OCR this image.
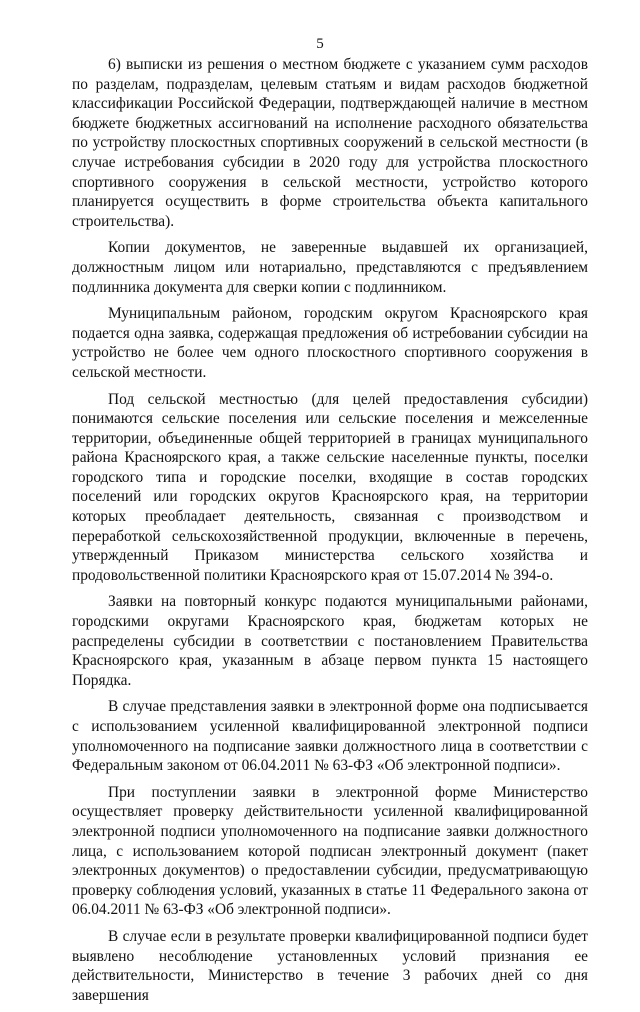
5

6) выписки из решения о местном бюджете с указанием сумм расходов по разделам, подразделам, целевым статьям и видам расходов бюджетной классификации Российской Федерации, подтверждающей наличие в местном бюджете бюджетных ассигнований на исполнение расходного обязательства по устройству плоскостных спортивных сооружений в сельской местности (в случае истребования субсидии в 2020 году для устройства плоскостного спортивного сооружения в сельской местности, устройство которого планируется осуществить в форме строительства объекта капитального строительства).

Копии документов, не заверенные выдавшей их организацией, должностным лицом или нотариально, представляются с предъявлением подлинника документа для сверки копии с подлинником.

Муниципальным районом, городским округом Красноярского края подается одна заявка, содержащая предложения об истребовании субсидии на устройство не более чем одного плоскостного спортивного сооружения в сельской местности.

Под сельской местностью (для целей предоставления субсидии) понимаются сельские поселения или сельские поселения и межселенные территории, объединенные общей территорией в границах муниципального района Красноярского края, а также сельские населенные пункты, поселки городского типа и городские поселки, входящие в состав городских поселений или городских округов Красноярского края, на территории которых преобладает деятельность, связанная с производством и переработкой сельскохозяйственной продукции, включенные в перечень, утвержденный Приказом министерства сельского хозяйства и продовольственной политики Красноярского края от 15.07.2014 № 394-о.

Заявки на повторный конкурс подаются муниципальными районами, городскими округами Красноярского края, бюджетам которых не распределены субсидии в соответствии с постановлением Правительства Красноярского края, указанным в абзаце первом пункта 15 настоящего Порядка.

В случае представления заявки в электронной форме она подписывается с использованием усиленной квалифицированной электронной подписи уполномоченного на подписание заявки должностного лица в соответствии с Федеральным законом от 06.04.2011 № 63-ФЗ «Об электронной подписи».

При поступлении заявки в электронной форме Министерство осуществляет проверку действительности усиленной квалифицированной электронной подписи уполномоченного на подписание заявки должностного лица, с использованием которой подписан электронный документ (пакет электронных документов) о предоставлении субсидии, предусматривающую проверку соблюдения условий, указанных в статье 11 Федерального закона от 06.04.2011 № 63-ФЗ «Об электронной подписи».

В случае если в результате проверки квалифицированной подписи будет выявлено несоблюдение установленных условий признания ее действительности, Министерство в течение 3 рабочих дней со дня завершения
